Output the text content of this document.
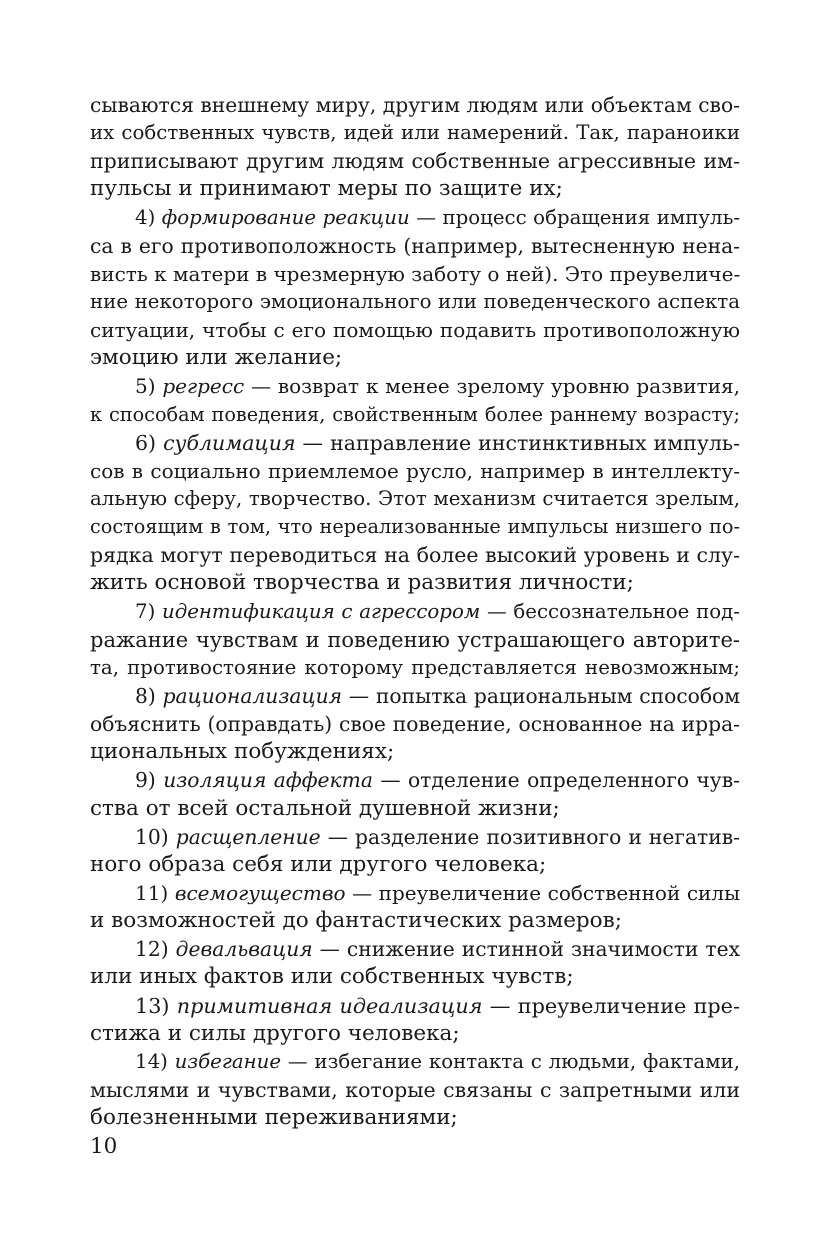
сываются внешнему миру, другим людям или объектам сво-
их собственных чувств, идей или намерений. Так, параноики
приписывают другим людям собственные агрессивные им-
пульсы и принимают меры по защите их;
4) формирование реакции — процесс обращения импуль-
са в его противоположность (например, вытесненную нена-
висть к матери в чрезмерную заботу о ней). Это преувеличе-
ние некоторого эмоционального или поведенческого аспекта
ситуации, чтобы с его помощью подавить противоположную
эмоцию или желание;
5) регресс — возврат к менее зрелому уровню развития,
к способам поведения, свойственным более раннему возрасту;
6) сублимация — направление инстинктивных импуль-
сов в социально приемлемое русло, например в интеллекту-
альную сферу, творчество. Этот механизм считается зрелым,
состоящим в том, что нереализованные импульсы низшего по-
рядка могут переводиться на более высокий уровень и слу-
жить основой творчества и развития личности;
7) идентификация с агрессором — бессознательное под-
ражание чувствам и поведению устрашающего авторите-
та, противостояние которому представляется невозможным;
8) рационализация — попытка рациональным способом
объяснить (оправдать) свое поведение, основанное на ирра-
циональных побуждениях;
9) изоляция аффекта — отделение определенного чув-
ства от всей остальной душевной жизни;
10) расщепление — разделение позитивного и негатив-
ного образа себя или другого человека;
11) всемогущество — преувеличение собственной силы
и возможностей до фантастических размеров;
12) девальвация — снижение истинной значимости тех
или иных фактов или собственных чувств;
13) примитивная идеализация — преувеличение пре-
стижа и силы другого человека;
14) избегание — избегание контакта с людьми, фактами,
мыслями и чувствами, которые связаны с запретными или
болезненными переживаниями;
10
